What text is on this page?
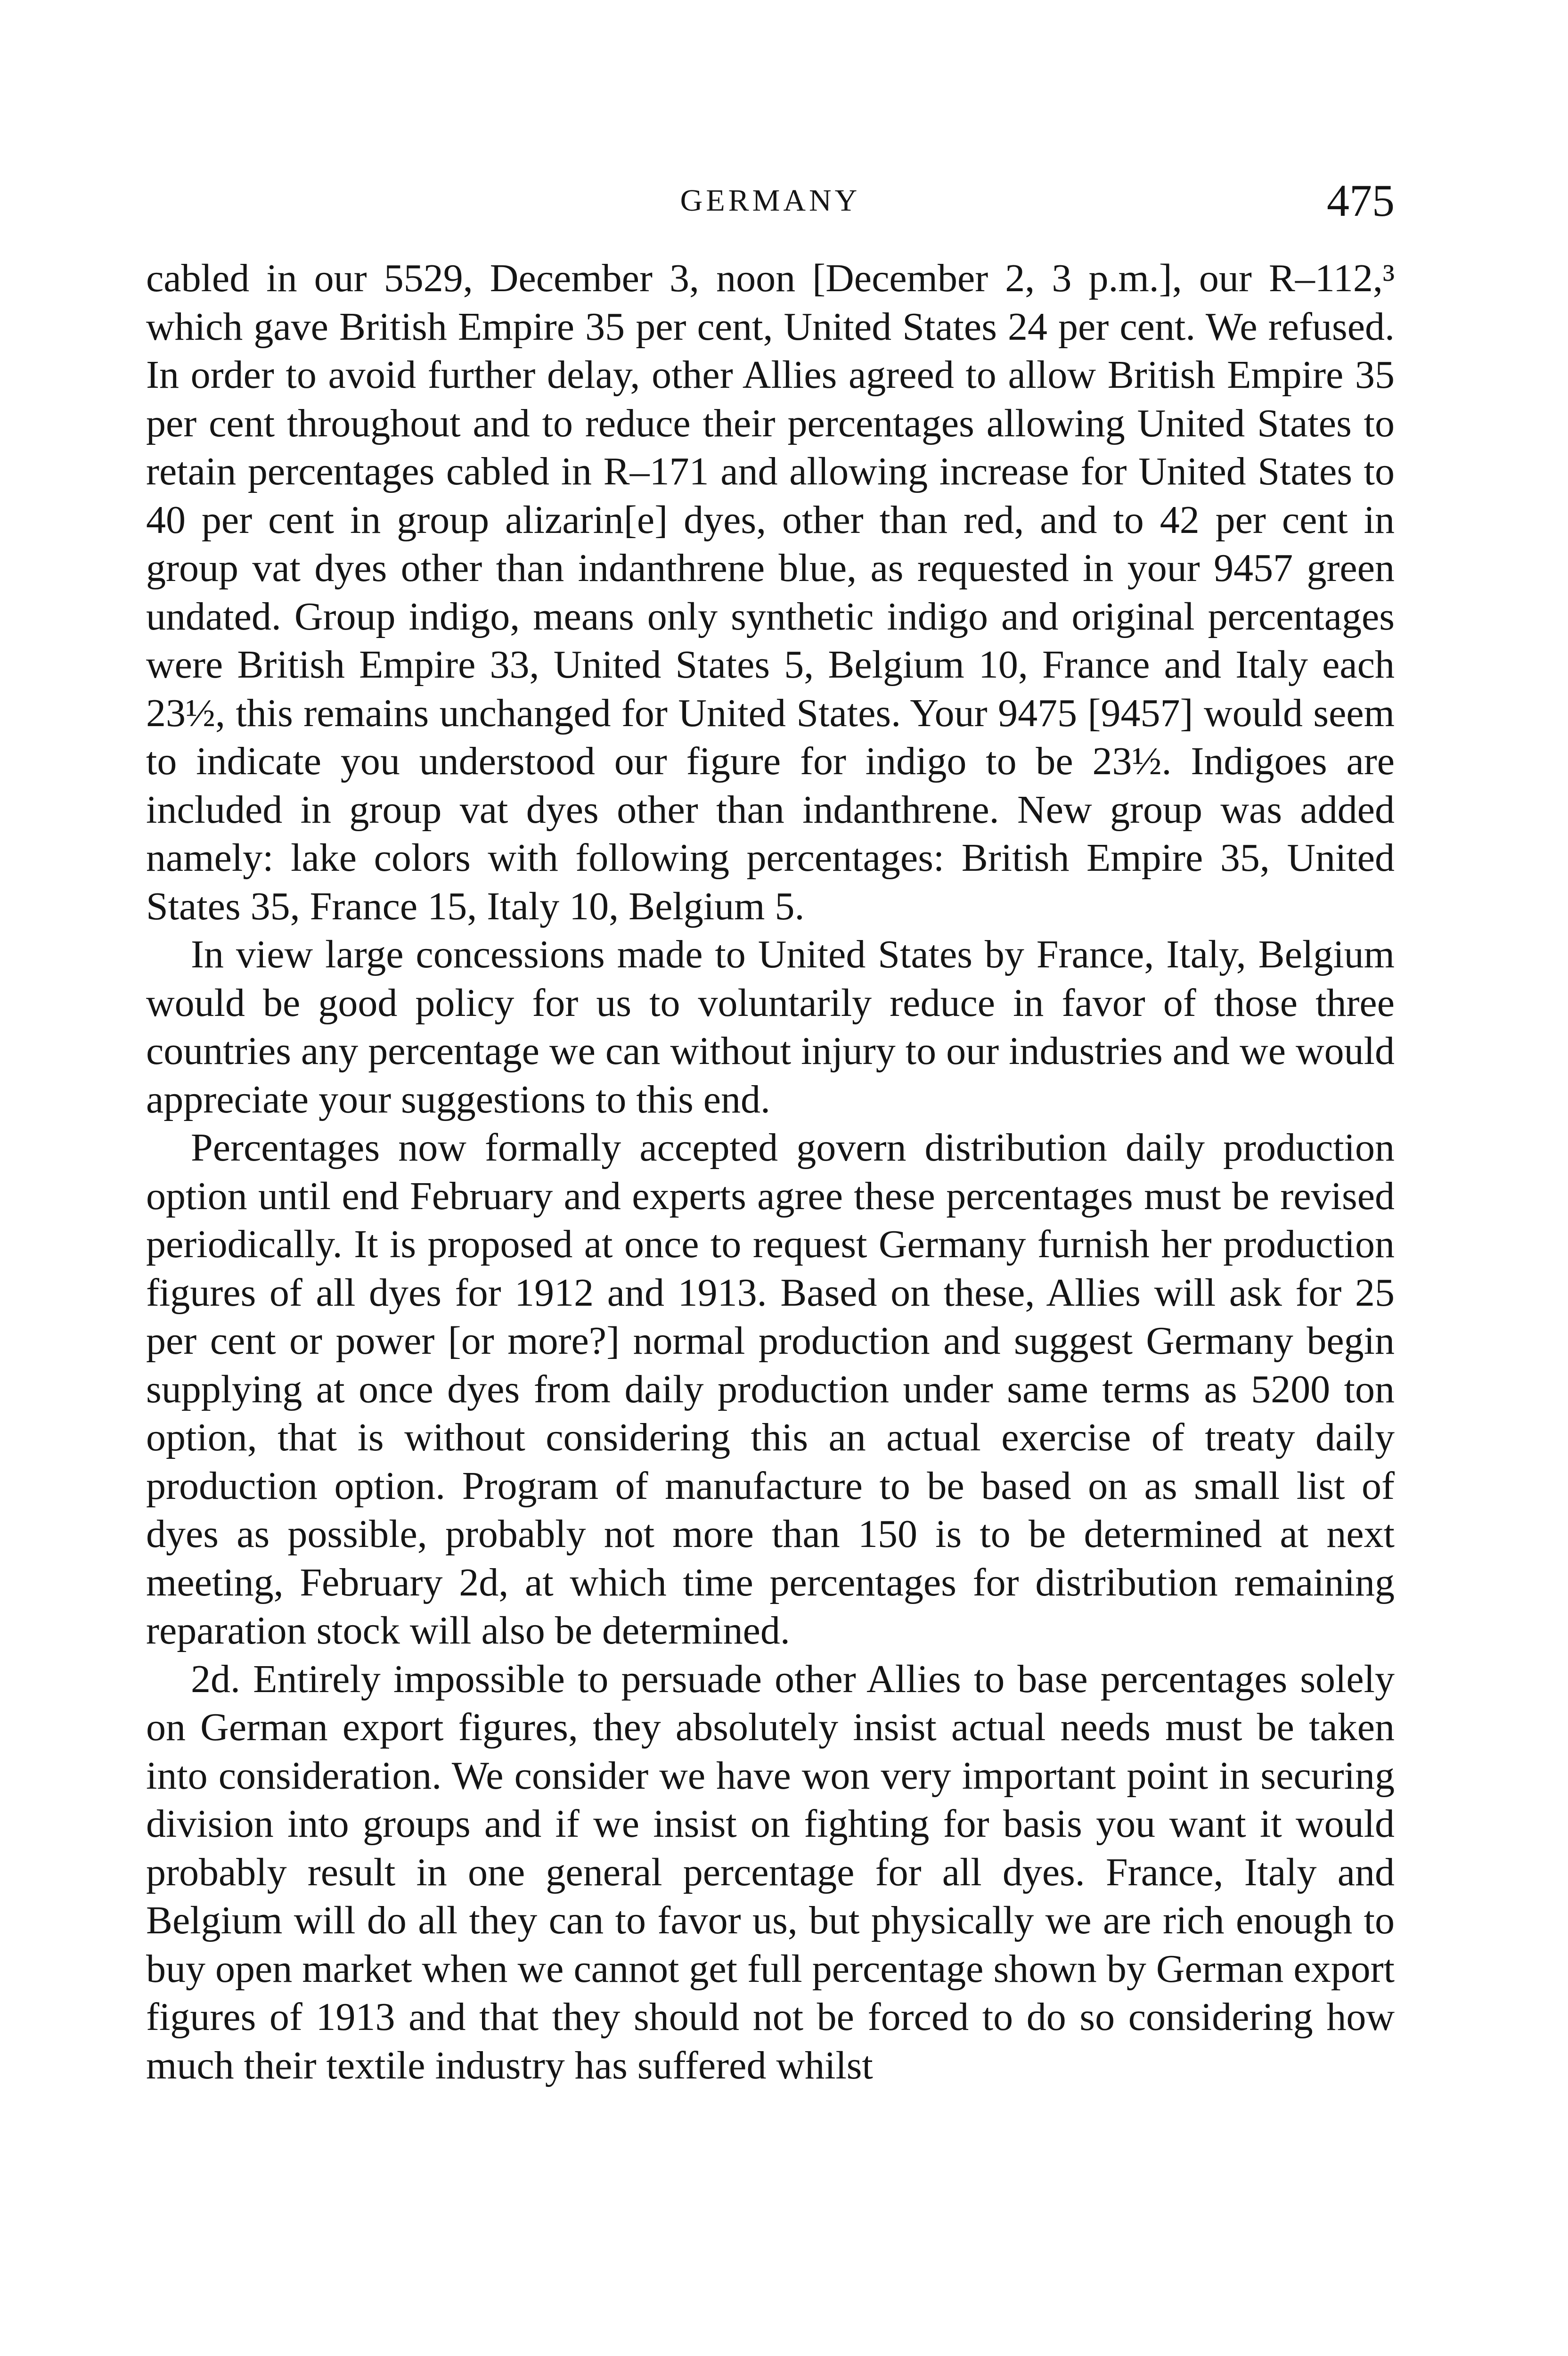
GERMANY	475

cabled in our 5529, December 3, noon [December 2, 3 p.m.], our R–112,³ which gave British Empire 35 per cent, United States 24 per cent. We refused. In order to avoid further delay, other Allies agreed to allow British Empire 35 per cent throughout and to reduce their percentages allowing United States to retain percentages cabled in R–171 and allowing increase for United States to 40 per cent in group alizarin[e] dyes, other than red, and to 42 per cent in group vat dyes other than indanthrene blue, as requested in your 9457 green undated. Group indigo, means only synthetic indigo and original percentages were British Empire 33, United States 5, Belgium 10, France and Italy each 23½, this remains unchanged for United States. Your 9475 [9457] would seem to indicate you understood our figure for indigo to be 23½. Indigoes are included in group vat dyes other than indanthrene. New group was added namely: lake colors with following percentages: British Empire 35, United States 35, France 15, Italy 10, Belgium 5.

In view large concessions made to United States by France, Italy, Belgium would be good policy for us to voluntarily reduce in favor of those three countries any percentage we can without injury to our industries and we would appreciate your suggestions to this end.

Percentages now formally accepted govern distribution daily production option until end February and experts agree these percentages must be revised periodically. It is proposed at once to request Germany furnish her production figures of all dyes for 1912 and 1913. Based on these, Allies will ask for 25 per cent or power [or more?] normal production and suggest Germany begin supplying at once dyes from daily production under same terms as 5200 ton option, that is without considering this an actual exercise of treaty daily production option. Program of manufacture to be based on as small list of dyes as possible, probably not more than 150 is to be determined at next meeting, February 2d, at which time percentages for distribution remaining reparation stock will also be determined.

2d. Entirely impossible to persuade other Allies to base percentages solely on German export figures, they absolutely insist actual needs must be taken into consideration. We consider we have won very important point in securing division into groups and if we insist on fighting for basis you want it would probably result in one general percentage for all dyes. France, Italy and Belgium will do all they can to favor us, but physically we are rich enough to buy open market when we cannot get full percentage shown by German export figures of 1913 and that they should not be forced to do so considering how much their textile industry has suffered whilst
